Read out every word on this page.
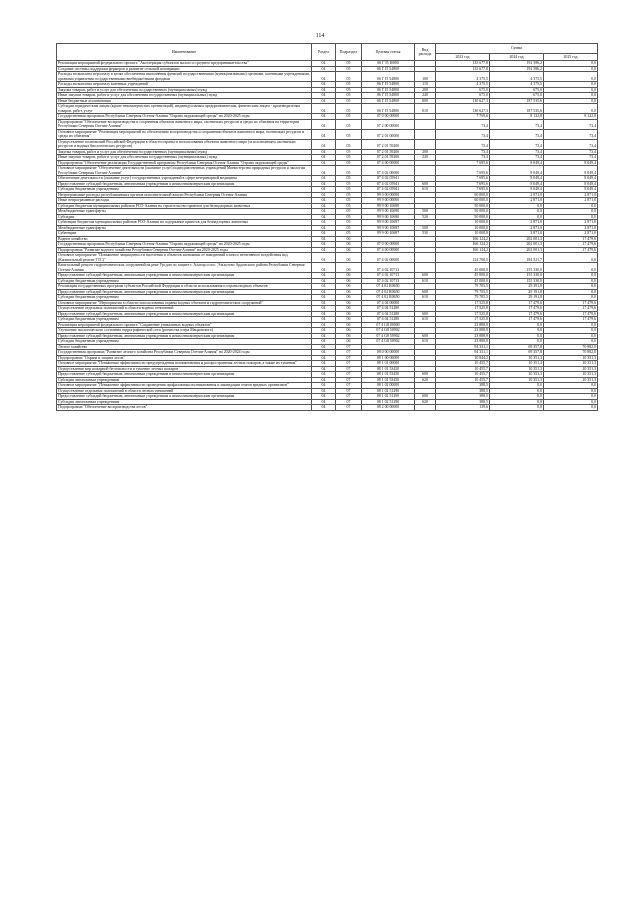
114
Наименование	Раздел	Подраздел	Целевая статья	Вид расхода	Сумма		
					2023 год	2024 год	2025 год
Реализация мероприятий федерального проекта "Акселерация субъектов малого и среднего предпринимательства"	04	05	06 Г I5 I0000		135 677,8	192 586,2	0,0
Создание системы поддержки фермеров и развитие сельской кооперации	04	05	06 Г I5 54800		135 677,8	192 586,2	0,0
Расходы на выплаты персоналу в целях обеспечения выполнения функций государственными (муниципальными) органами, казенными учреждениями, органами управления государственными внебюджетными фондами	04	05	06 Г I5 54800	100	4 375,5	4 375,5	0,0
Расходы на выплаты персоналу казенных учреждений	04	05	06 Г I5 54800	110	4 375,5	4 375,5	0,0
Закупка товаров, работ и услуг для обеспечения государственных (муниципальных) нужд	04	05	06 Г I5 54800	200	675,0	675,0	0,0
Иные закупки товаров, работ и услуг для обеспечения государственных (муниципальных) нужд	04	05	06 Г I5 54800	240	675,0	675,0	0,0
Иные бюджетные ассигнования	04	05	06 Г I5 54800	800	130 627,3	187 535,6	0,0
Субсидии юридическим лицам (кроме некоммерческих организаций), индивидуальным предпринимателям, физическим лицам - производителям товаров, работ, услуг	04	05	06 Г I5 54800	810	130 627,3	187 535,6	0,0
Государственная программа Республики Северная Осетия-Алания "Охрана окружающей среды" на 2020-2025 годы	04	05	07 0 00 00000		7 769,6	8 122,8	8 122,8
Подпрограмма "Обеспечение воспроизводства и сохранения объектов животного мира, охотничьих ресурсов и среды их обитания на территории Республики Северная Осетия-Алания"	04	05	07 2 00 00000		73,4	73,4	73,4
Основное мероприятие "Реализация мероприятий по обеспечению воспроизводства и сохранения объектов животного мира, охотничьих ресурсов и среды их обитания"	04	05	07 2 01 00000		73,4	73,4	73,4
Осуществление полномочий Российской Федерации в области охраны и использования объектов животного мира (за исключением охотничьих ресурсов и водных биологических ресурсов)	04	05	07 2 01 59200		73,4	73,4	73,4
Закупка товаров, работ и услуг для обеспечения государственных (муниципальных) нужд	04	05	07 2 01 59200	200	73,4	73,4	73,4
Иные закупки товаров, работ и услуг для обеспечения государственных (муниципальных) нужд	04	05	07 2 01 59200	240	73,4	73,4	73,4
Подпрограмма "Обеспечение реализации Государственной программы Республики Северная Осетия-Алания "Охрана окружающей среды"	04	05	07 4 00 00000		7 695,6	8 049,4	8 049,4
Основное мероприятие "Обеспечение деятельности (оказание услуг) подведомственных учреждений Министерства природных ресурсов и экологии Республики Северная Осетия-Алания"	04	05	07 4 02 00000		7 695,6	8 049,4	8 049,4
Обеспечение деятельности (оказание услуг) государственных учреждений в сфере ветеринарной медицины	04	05	07 4 02 05941		7 695,6	8 049,4	8 049,4
Предоставление субсидий бюджетным, автономным учреждениям и иным некоммерческим организациям	04	05	07 4 02 05941	600	7 695,6	8 049,4	8 049,4
Субсидии бюджетным учреждениям	04	05	07 4 02 05941	610	7 695,6	8 049,4	8 049,4
Непрограммные расходы республиканских органов исполнительной власти Республики Северная Осетия-Алания	04	05	99 0 00 00000		60 000,0	2 871,0	2 871,0
Иные непрограммные расходы	04	05	99 9 00 00000		60 000,0	2 871,0	2 871,0
Субсидии бюджетам муниципальных районов РСО-Алания на строительство приютов для безнадзорных животных	04	05	99 9 00 10690		50 000,0	0,0	0,0
Межбюджетные трансферты	04	05	99 9 00 10690	500	50 000,0	0,0	0,0
Субсидии	04	05	99 9 00 10690	520	50 000,0	0,0	0,0
Субвенции бюджетам муниципальных районов РСО-Алания на содержание приютов для безнадзорных животных	04	05	99 9 00 10697		10 000,0	2 871,0	2 871,0
Межбюджетные трансферты	04	05	99 9 00 10697	500	10 000,0	2 871,0	2 871,0
Субвенции	04	05	99 9 00 10697	530	10 000,0	2 871,0	2 871,0
Водное хозяйство	04	06			166 124,2	202 001,3	17 479,6
Государственная программа Республики Северная Осетия-Алания "Охрана окружающей среды" на 2020-2025 годы	04	06	07 0 00 00000		166 124,2	202 001,3	17 479,6
Подпрограмма "Развитие водного хозяйства Республики Северная Осетия-Алания" на 2020-2025 годы	04	06	07 4 00 00000		166 124,2	202 001,3	17 479,6
Основное мероприятие "Повышение защищенности населения и объектов экономики от наводнений и иного негативного воздействия вод (Капитальный ремонт ГТС)"	04	06	07 4 02 00000		124 700,5	184 521,7	0,0
Капитальный ремонт гидротехнических сооружений на реке Урсдон по защите г. Алагир и пос. Эльхотово Ардонского района Республики Северная Осетия-Алания	04	06	07 4 02 10713		45 000,0	155 330,0	0,0
Предоставление субсидий бюджетным, автономным учреждениям и иным некоммерческим организациям	04	06	07 4 02 10713	600	45 000,0	155 330,0	0,0
Субсидии бюджетным учреждениям	04	06	07 4 02 10713	610	45 000,0	155 330,0	0,0
Реализация государственных программ субъектов Российской Федерации в области использования и охраны водных объектов	04	06	07 4 02 R0650		79 705,5	29 191,8	0,0
Предоставление субсидий бюджетным, автономным учреждениям и иным некоммерческим организациям	04	06	07 4 02 R0650	600	79 705,5	29 191,8	0,0
Субсидии бюджетным учреждениям	04	06	07 4 02 R0650	610	79 705,5	29 191,8	0,0
Основное мероприятие "Мероприятия в области использования охраны водных объектов и гидротехнических сооружений"	04	06	07 4 04 00000		17 525,8	17 479,6	17 479,6
Осуществление отдельных полномочий в области водных отношений	04	06	07 4 04 51280		17 525,8	17 479,6	17 479,6
Предоставление субсидий бюджетным, автономным учреждениям и иным некоммерческим организациям	04	06	07 4 04 51280	600	17 525,8	17 479,6	17 479,6
Субсидии бюджетным учреждениям	04	06	07 4 04 51280	610	17 525,8	17 479,6	17 479,6
Реализация мероприятий федерального проекта "Сохранение уникальных водных объектов"	04	06	07 4 G8 00000		23 888,9	0,0	0,0
Улучшение экологического состояния гидрографической сети (расчистка озера Мацковского)	04	06	07 4 G8 50902		23 888,9	0,0	0,0
Предоставление субсидий бюджетным, автономным учреждениям и иным некоммерческим организациям	04	06	07 4 G8 50902	600	23 888,9	0,0	0,0
Субсидии бюджетным учреждениям	04	06	07 4 G8 50902	610	23 888,9	0,0	0,0
Лесное хозяйство	04	07			94 331,1	69 357,8	70 882,0
Государственная программа "Развитие лесного хозяйства Республики Северная Осетия-Алания" на 2020-2024 годы	04	07	08 0 00 00000		94 331,1	69 357,8	70 882,0
Подпрограмма "Охрана и защита лесов"	04	07	08 1 00 00000		10 844,2	10 351,3	10 351,3
Основное мероприятие "Повышение эффективности предупреждения возникновения и распространения лесных пожаров, а также их тушения"	04	07	08 1 01 00000		10 455,7	10 351,3	10 351,3
Осуществление мер пожарной безопасности и тушение лесных пожаров	04	07	08 1 01 53450		10 455,7	10 351,3	10 351,3
Предоставление субсидий бюджетным, автономным учреждениям и иным некоммерческим организациям	04	07	08 1 01 53450	600	10 455,7	10 351,3	10 351,3
Субсидии автономным учреждениям	04	07	08 1 01 53450	620	10 455,7	10 351,3	10 351,3
Основное мероприятие "Повышение эффективности проведения профилактики возникновения и ликвидации очагов вредных организмов"	04	07	08 1 02 00000		388,5	0,0	0,0
Осуществление отдельных полномочий в области лесных отношений	04	07	08 1 02 51290		388,5	0,0	0,0
Предоставление субсидий бюджетным, автономным учреждениям и иным некоммерческим организациям	04	07	08 1 02 51290	600	388,5	0,0	0,0
Субсидии автономным учреждениям	04	07	08 1 02 51290	620	388,5	0,0	0,0
Подпрограмма "Обеспечение воспроизводства лесов"	04	07	08 2 00 00000		139,6	0,0	0,0
